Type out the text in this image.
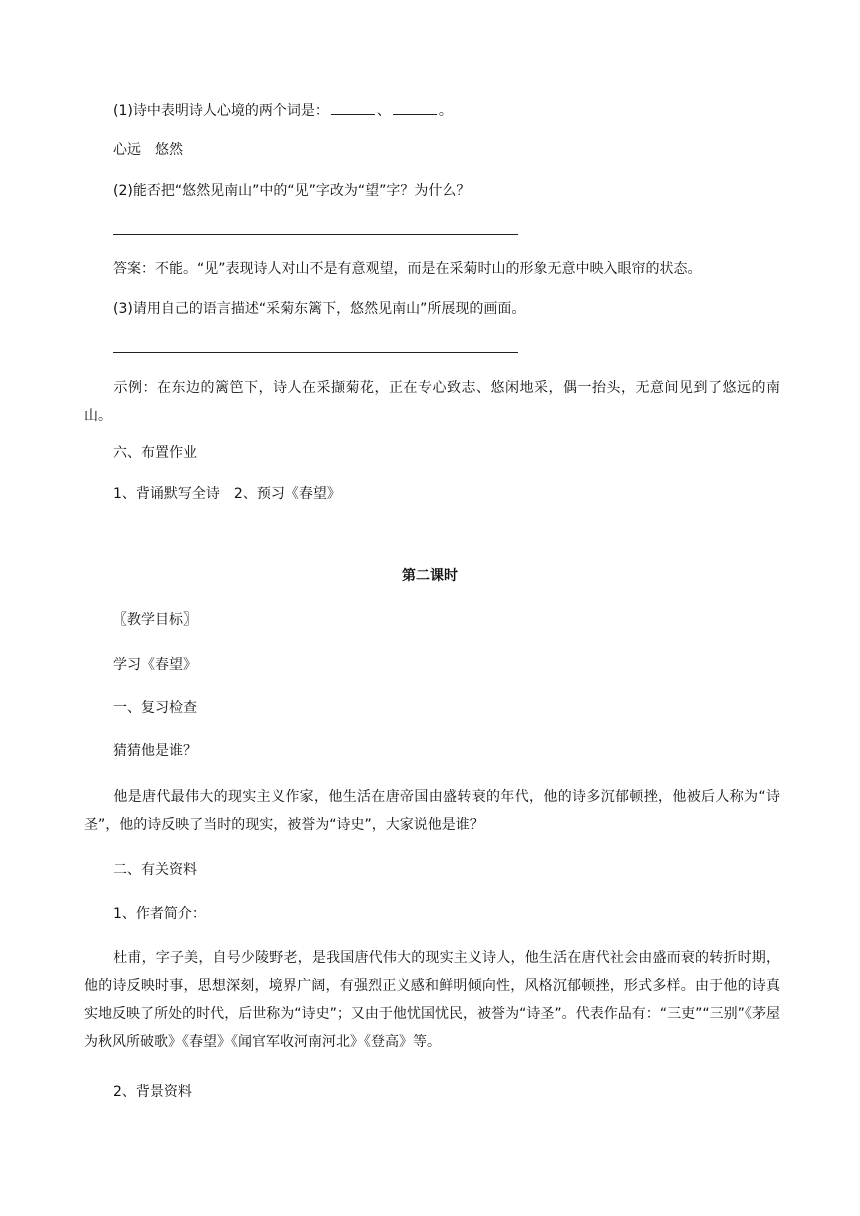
(1)诗中表明诗人心境的两个词是：	、	。
心远　悠然
(2)能否把“悠然见南山”中的“见”字改为“望”字？为什么？
答案：不能。“见”表现诗人对山不是有意观望，而是在采菊时山的形象无意中映入眼帘的状态。
(3)请用自己的语言描述“采菊东篱下，悠然见南山”所展现的画面。
示例：在东边的篱笆下，诗人在采撷菊花，正在专心致志、悠闲地采，偶一抬头，无意间见到了悠远的南山。
六、布置作业
1、背诵默写全诗　2、预习《春望》
第二课时
〖教学目标〗
学习《春望》
一、复习检查
猜猜他是谁？
他是唐代最伟大的现实主义作家，他生活在唐帝国由盛转衰的年代，他的诗多沉郁顿挫，他被后人称为“诗圣”，他的诗反映了当时的现实，被誉为“诗史”，大家说他是谁？
二、有关资料
1、作者简介：
杜甫，字子美，自号少陵野老，是我国唐代伟大的现实主义诗人，他生活在唐代社会由盛而衰的转折时期，他的诗反映时事，思想深刻，境界广阔，有强烈正义感和鲜明倾向性，风格沉郁顿挫，形式多样。由于他的诗真实地反映了所处的时代，后世称为“诗史”；又由于他忧国忧民，被誉为“诗圣”。代表作品有：“三吏”“三别”《茅屋为秋风所破歌》《春望》《闻官军收河南河北》《登高》等。
2、背景资料
